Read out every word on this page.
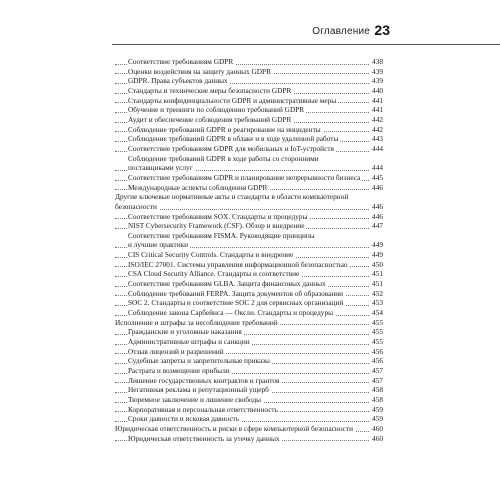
Оглавление 23
Соответствие требованиям GDPR	438
Оценки воздействия на защиту данных GDPR	439
GDPR. Права субъектов данных	439
Стандарты и технические меры безопасности GDPR	440
Стандарты конфиденциальности GDPR и административные меры	441
Обучение и тренинги по соблюдению требований GDPR	441
Аудит и обеспечение соблюдения требований GDPR	442
Соблюдение требований GDPR и реагирование на инциденты	442
Соблюдение требований GDPR в облаке и в ходе удаленной работы	443
Соответствие требованиям GDPR для мобильных и IoT-устройств	444
Соблюдение требований GDPR в ходе работы со сторонними
поставщиками услуг	444
Соответствие требованиям GDPR и планирование непрерывности бизнеса 445
Международные аспекты соблюдения GDPR	446
Другие ключевые нормативные акты и стандарты в области компьютерной
безопасности	446
Соответствие требованиям SOX. Стандарты и процедуры	446
NIST Cybersecurity Framework (CSF). Обзор и внедрение	447
Соответствие требованиям FISMA. Руководящие принципы
и лучшие практики	449
CIS Critical Security Controls. Стандарты и внедрение	449
ISO/IEC 27001. Системы управления информационной безопасностью	450
CSA Cloud Security Alliance. Стандарты и соответствие	451
Соответствие требованиям GLBA. Защита финансовых данных	451
Соблюдение требований FERPA. Защита документов об образовании	452
SOC 2. Стандарты и соответствие SOC 2 для сервисных организаций	453
Соблюдение закона Сарбейнса — Оксли. Стандарты и процедуры	454
Исполнение и штрафы за несоблюдение требований	455
Гражданские и уголовные наказания	455
Административные штрафы и санкции	455
Отзыв лицензий и разрешений	456
Судебные запреты и запретительные приказы	456
Растрата и возмещение прибыли	457
Лишение государственных контрактов и грантов	457
Негативная реклама и репутационный ущерб	458
Тюремное заключение и лишение свободы	458
Корпоративная и персональная ответственность	459
Сроки давности и исковая давность	459
Юридическая ответственность и риски в сфере компьютерной безопасности	460
Юридическая ответственность за утечку данных	460
